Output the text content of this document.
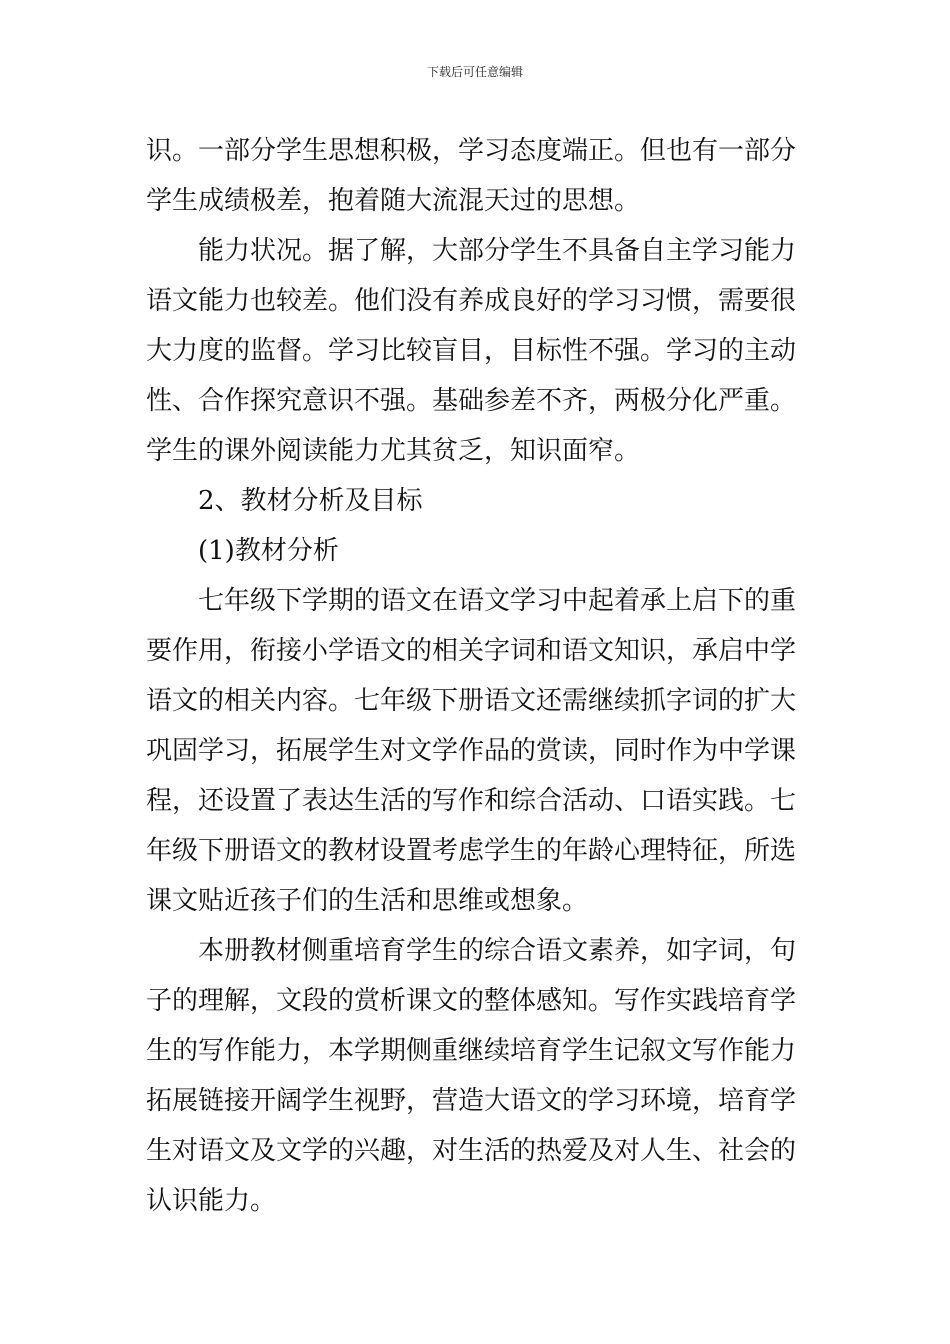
下载后可任意编辑
识。一部分学生思想积极，学习态度端正。但也有一部分
学生成绩极差，抱着随大流混天过的思想。
能力状况。据了解，大部分学生不具备自主学习能力
语文能力也较差。他们没有养成良好的学习习惯，需要很
大力度的监督。学习比较盲目，目标性不强。学习的主动
性、合作探究意识不强。基础参差不齐，两极分化严重。
学生的课外阅读能力尤其贫乏，知识面窄。
2、教材分析及目标
(1)教材分析
七年级下学期的语文在语文学习中起着承上启下的重
要作用，衔接小学语文的相关字词和语文知识，承启中学
语文的相关内容。七年级下册语文还需继续抓字词的扩大
巩固学习，拓展学生对文学作品的赏读，同时作为中学课
程，还设置了表达生活的写作和综合活动、口语实践。七
年级下册语文的教材设置考虑学生的年龄心理特征，所选
课文贴近孩子们的生活和思维或想象。
本册教材侧重培育学生的综合语文素养，如字词，句
子的理解，文段的赏析课文的整体感知。写作实践培育学
生的写作能力，本学期侧重继续培育学生记叙文写作能力
拓展链接开阔学生视野，营造大语文的学习环境，培育学
生对语文及文学的兴趣，对生活的热爱及对人生、社会的
认识能力。
